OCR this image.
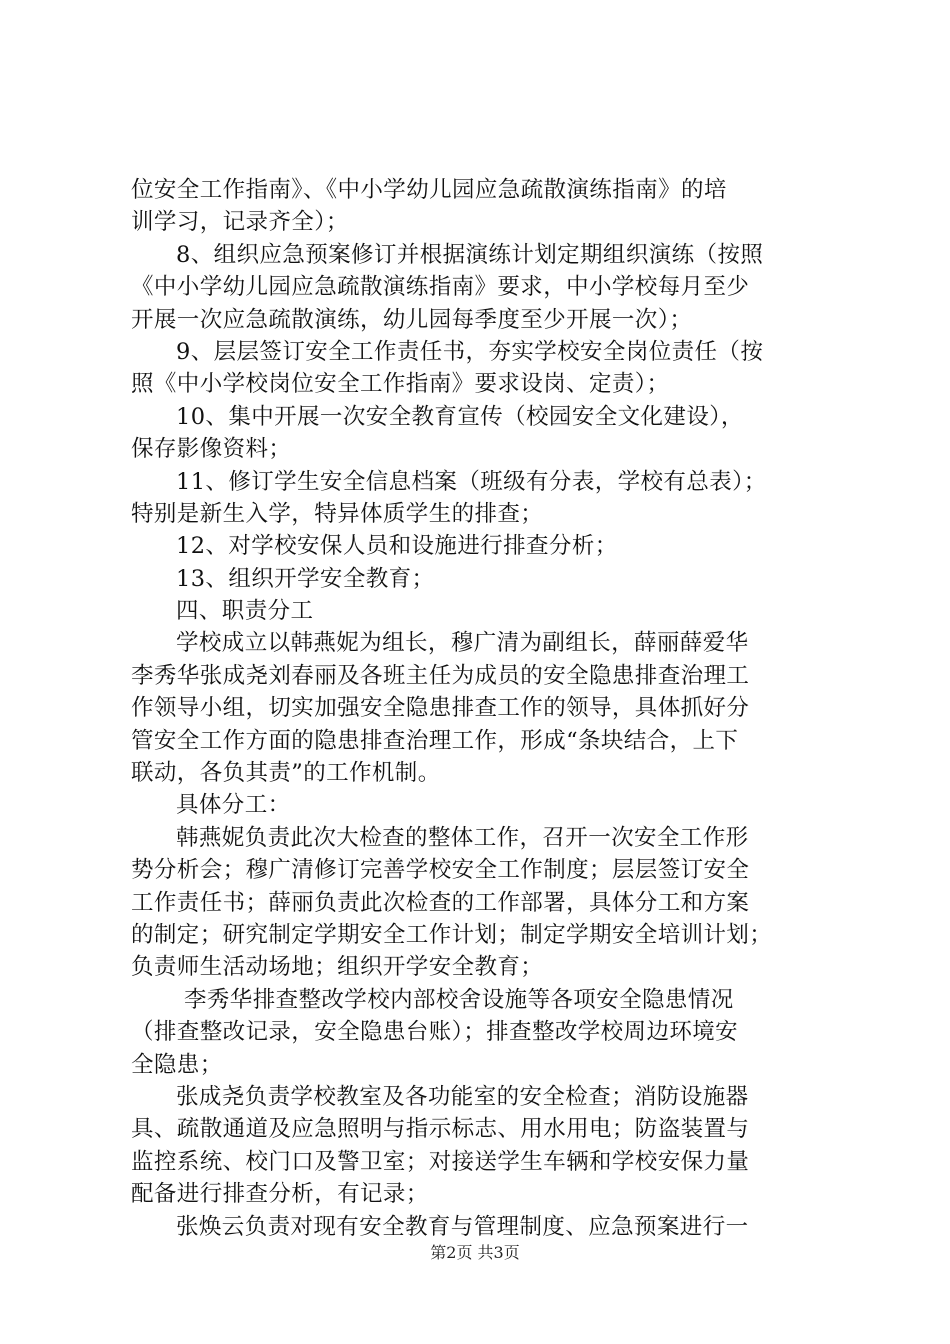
位安全工作指南》、《中小学幼儿园应急疏散演练指南》的培
训学习，记录齐全）；
8、组织应急预案修订并根据演练计划定期组织演练（按照
《中小学幼儿园应急疏散演练指南》要求，中小学校每月至少
开展一次应急疏散演练，幼儿园每季度至少开展一次）；
9、层层签订安全工作责任书，夯实学校安全岗位责任（按
照《中小学校岗位安全工作指南》要求设岗、定责）；
10、集中开展一次安全教育宣传（校园安全文化建设），
保存影像资料；
11、修订学生安全信息档案（班级有分表，学校有总表）；
特别是新生入学，特异体质学生的排查；
12、对学校安保人员和设施进行排查分析；
13、组织开学安全教育；
四、职责分工
学校成立以韩燕妮为组长，穆广清为副组长，薛丽薛爱华
李秀华张成尧刘春丽及各班主任为成员的安全隐患排查治理工
作领导小组，切实加强安全隐患排查工作的领导，具体抓好分
管安全工作方面的隐患排查治理工作，形成“条块结合，上下
联动，各负其责”的工作机制。
具体分工：
韩燕妮负责此次大检查的整体工作，召开一次安全工作形
势分析会；穆广清修订完善学校安全工作制度；层层签订安全
工作责任书；薛丽负责此次检查的工作部署，具体分工和方案
的制定；研究制定学期安全工作计划；制定学期安全培训计划；
负责师生活动场地；组织开学安全教育；
李秀华排查整改学校内部校舍设施等各项安全隐患情况
（排查整改记录，安全隐患台账）；排查整改学校周边环境安
全隐患；
张成尧负责学校教室及各功能室的安全检查；消防设施器
具、疏散通道及应急照明与指示标志、用水用电；防盗装置与
监控系统、校门口及警卫室；对接送学生车辆和学校安保力量
配备进行排查分析，有记录；
张焕云负责对现有安全教育与管理制度、应急预案进行一
第2页 共3页
